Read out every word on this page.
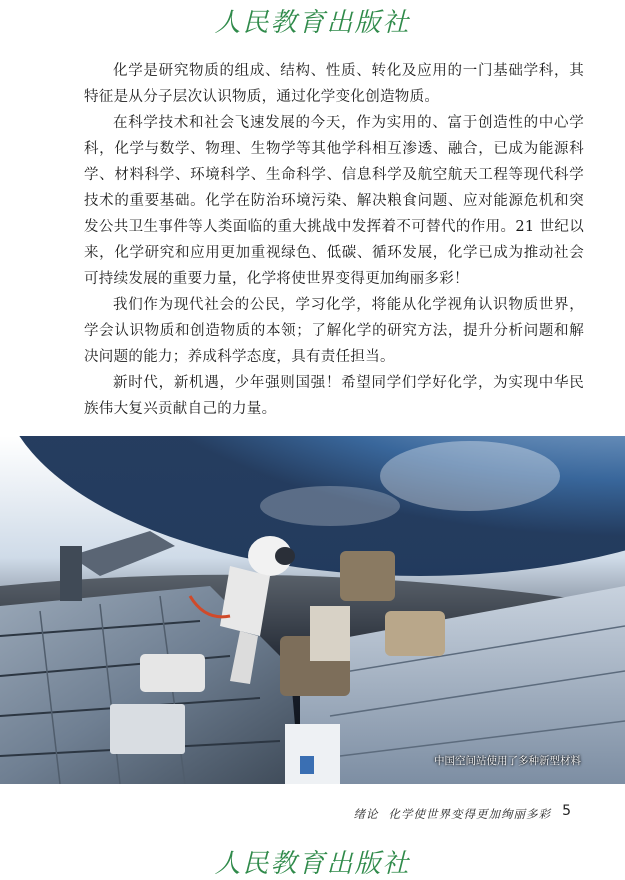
人民教育出版社

化学是研究物质的组成、结构、性质、转化及应用的一门基础学科，其特征是从分子层次认识物质，通过化学变化创造物质。

在科学技术和社会飞速发展的今天，作为实用的、富于创造性的中心学科，化学与数学、物理、生物学等其他学科相互渗透、融合，已成为能源科学、材料科学、环境科学、生命科学、信息科学及航空航天工程等现代科学技术的重要基础。化学在防治环境污染、解决粮食问题、应对能源危机和突发公共卫生事件等人类面临的重大挑战中发挥着不可替代的作用。21 世纪以来，化学研究和应用更加重视绿色、低碳、循环发展，化学已成为推动社会可持续发展的重要力量，化学将使世界变得更加绚丽多彩！

我们作为现代社会的公民，学习化学，将能从化学视角认识物质世界，学会认识物质和创造物质的本领；了解化学的研究方法，提升分析问题和解决问题的能力；养成科学态度，具有责任担当。

新时代，新机遇，少年强则国强！希望同学们学好化学，为实现中华民族伟大复兴贡献自己的力量。

中国空间站使用了多种新型材料
绪论 化学使世界变得更加绚丽多彩 5
人民教育出版社
